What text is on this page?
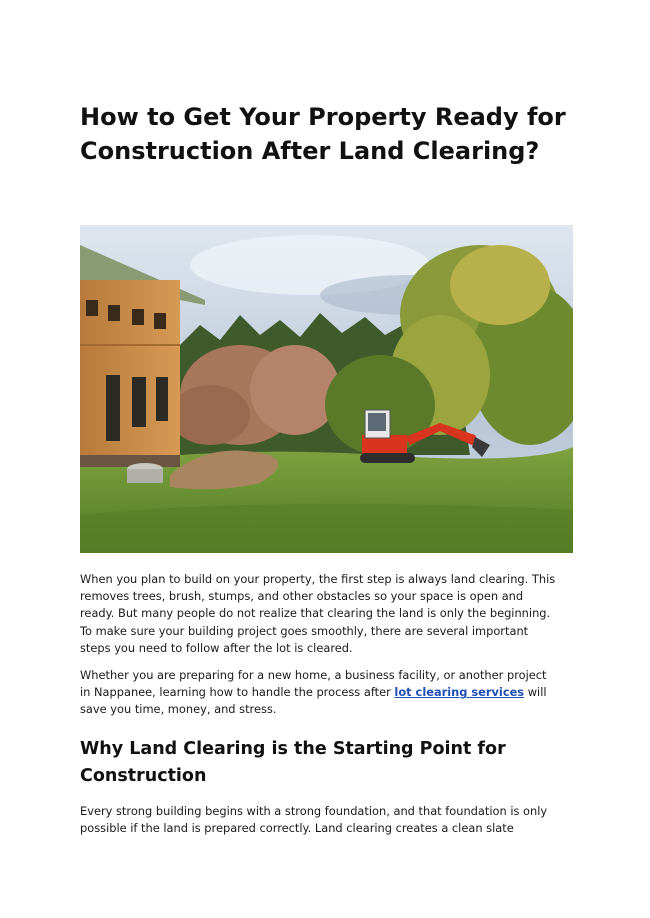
How to Get Your Property Ready for Construction After Land Clearing?

When you plan to build on your property, the first step is always land clearing. This removes trees, brush, stumps, and other obstacles so your space is open and ready. But many people do not realize that clearing the land is only the beginning. To make sure your building project goes smoothly, there are several important steps you need to follow after the lot is cleared.

Whether you are preparing for a new home, a business facility, or another project in Nappanee, learning how to handle the process after lot clearing services will save you time, money, and stress.

Why Land Clearing is the Starting Point for Construction

Every strong building begins with a strong foundation, and that foundation is only possible if the land is prepared correctly. Land clearing creates a clean slate
